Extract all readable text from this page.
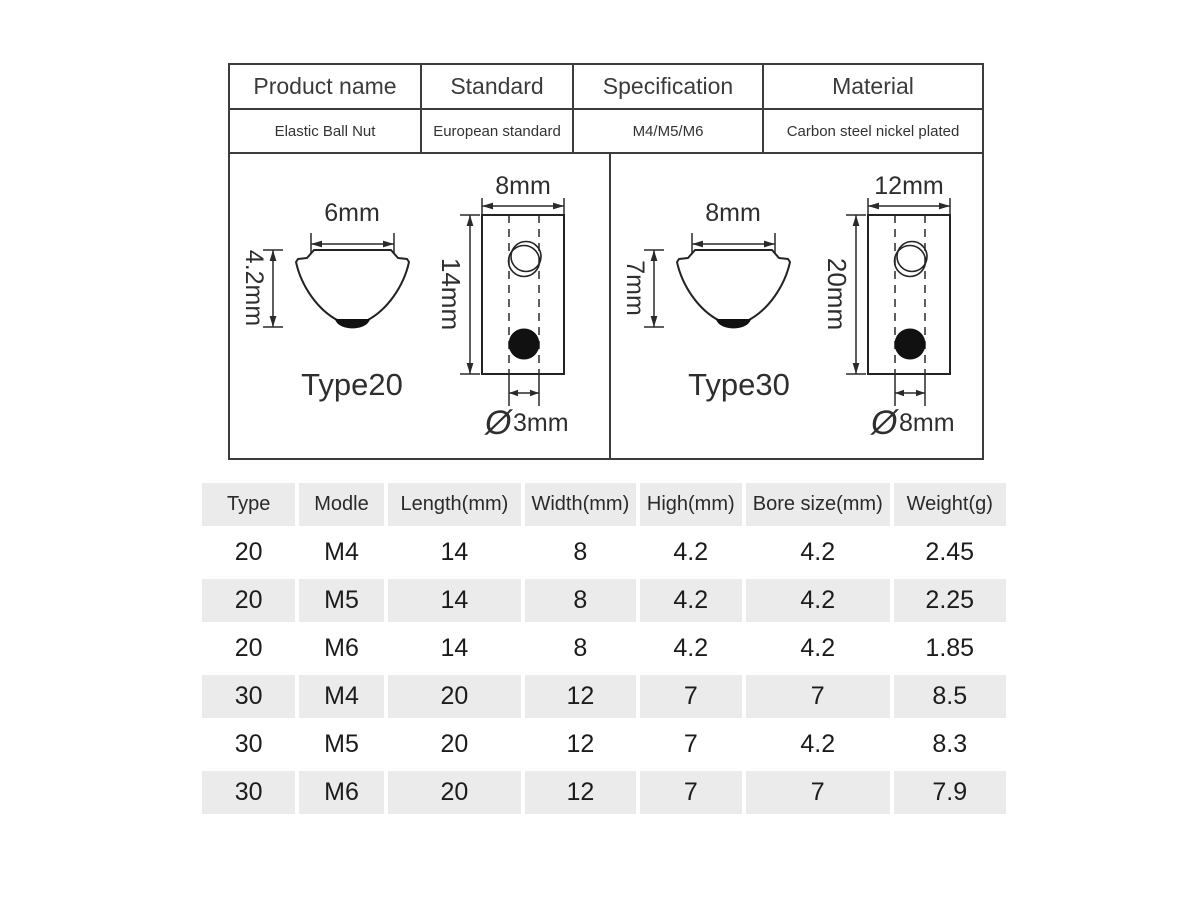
Product name	Standard	Specification	Material
Elastic Ball Nut	European standard	M4/M5/M6	Carbon steel nickel plated
6mm
4.2mm
Type20
8mm
14mm
Ø 3mm
8mm
7mm
Type30
12mm
20mm
Ø 8mm
Type	Modle	Length(mm)	Width(mm)	High(mm)	Bore size(mm)	Weight(g)
20	M4	14	8	4.2	4.2	2.45
20	M5	14	8	4.2	4.2	2.25
20	M6	14	8	4.2	4.2	1.85
30	M4	20	12	7	7	8.5
30	M5	20	12	7	4.2	8.3
30	M6	20	12	7	7	7.9
